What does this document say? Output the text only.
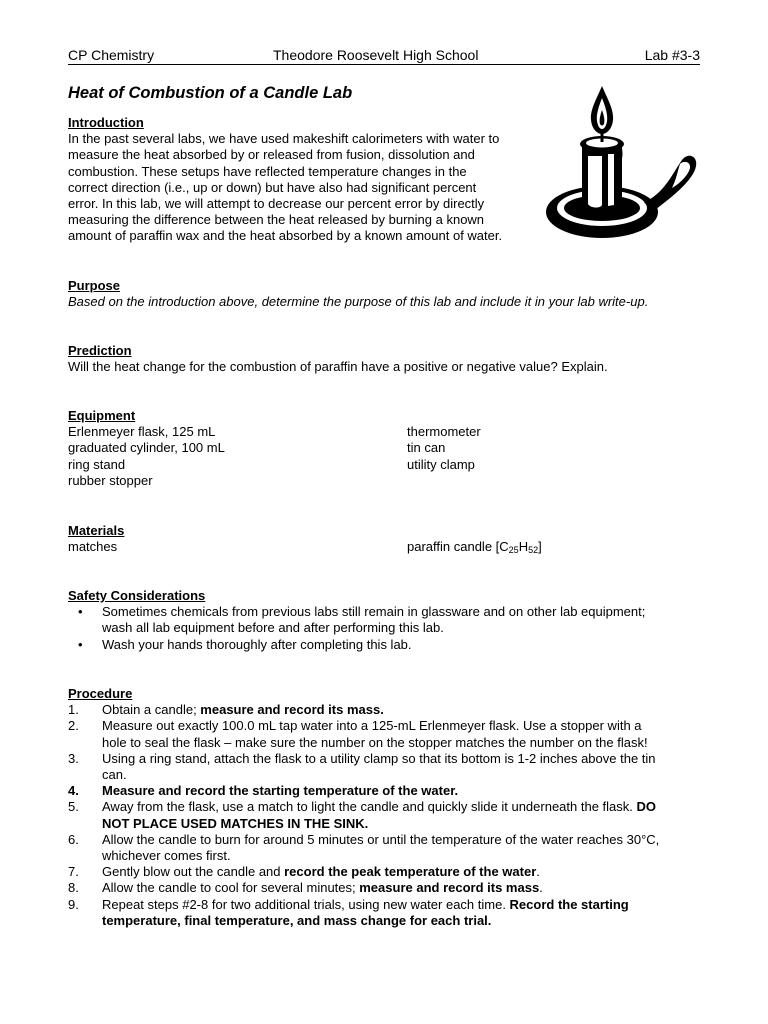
CP Chemistry	Theodore Roosevelt High School	Lab #3-3
Heat of Combustion of a Candle Lab
Introduction
In the past several labs, we have used makeshift calorimeters with water to
measure the heat absorbed by or released from fusion, dissolution and
combustion. These setups have reflected temperature changes in the
correct direction (i.e., up or down) but have also had significant percent
error. In this lab, we will attempt to decrease our percent error by directly
measuring the difference between the heat released by burning a known
amount of paraffin wax and the heat absorbed by a known amount of water.
Purpose
Based on the introduction above, determine the purpose of this lab and include it in your lab write-up.
Prediction
Will the heat change for the combustion of paraffin have a positive or negative value? Explain.
Equipment
Erlenmeyer flask, 125 mL	thermometer
graduated cylinder, 100 mL	tin can
ring stand	utility clamp
rubber stopper
Materials
matches	paraffin candle $[C_{25}H_{52}]$
Safety Considerations
• Sometimes chemicals from previous labs still remain in glassware and on other lab equipment;
wash all lab equipment before and after performing this lab.
• Wash your hands thoroughly after completing this lab.
Procedure
1. Obtain a candle; measure and record its mass.
2. Measure out exactly 100.0 mL tap water into a 125-mL Erlenmeyer flask. Use a stopper with a
hole to seal the flask – make sure the number on the stopper matches the number on the flask!
3. Using a ring stand, attach the flask to a utility clamp so that its bottom is 1-2 inches above the tin
can.
4. Measure and record the starting temperature of the water.
5. Away from the flask, use a match to light the candle and quickly slide it underneath the flask. DO
NOT PLACE USED MATCHES IN THE SINK.
6. Allow the candle to burn for around 5 minutes or until the temperature of the water reaches 30°C,
whichever comes first.
7. Gently blow out the candle and record the peak temperature of the water.
8. Allow the candle to cool for several minutes; measure and record its mass.
9. Repeat steps #2-8 for two additional trials, using new water each time. Record the starting
temperature, final temperature, and mass change for each trial.
